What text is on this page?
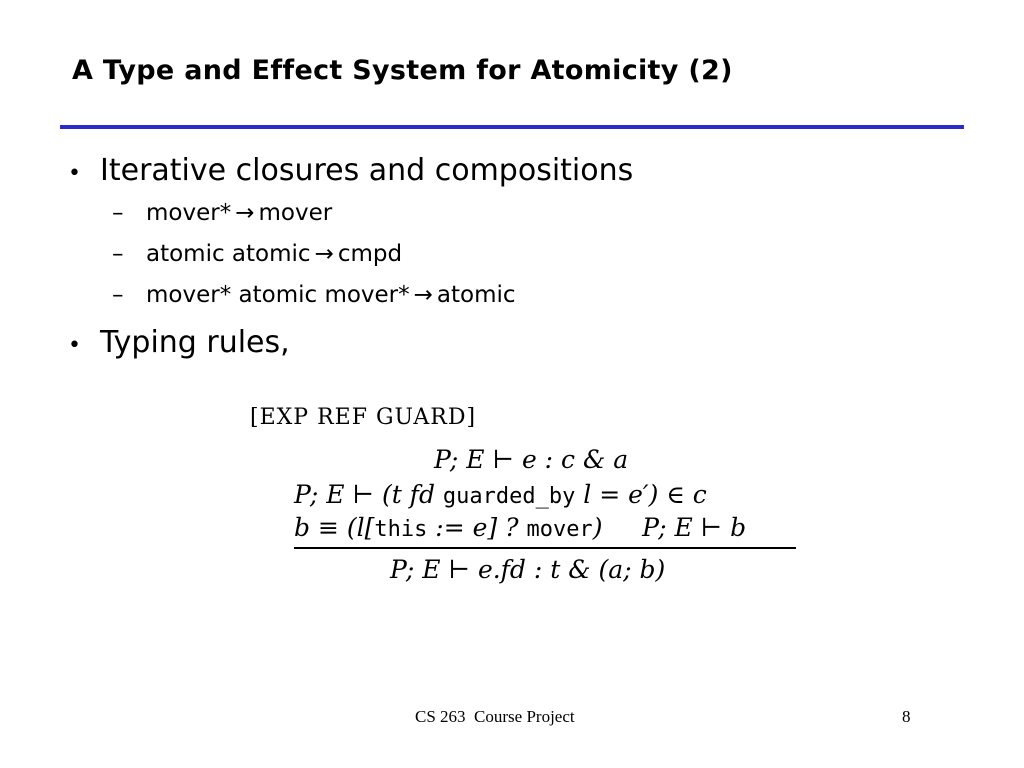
A Type and Effect System for Atomicity (2)
• Iterative closures and compositions
– mover* → mover
– atomic atomic → cmpd
– mover* atomic mover* → atomic
• Typing rules,
[EXP REF GUARD]
P; E ⊢ e : c & a
P; E ⊢ (t fd guarded_by l = e′) ∈ c
b ≡ (l[this := e] ? mover)     P; E ⊢ b
P; E ⊢ e.fd : t & (a; b)
CS 263  Course Project	8
